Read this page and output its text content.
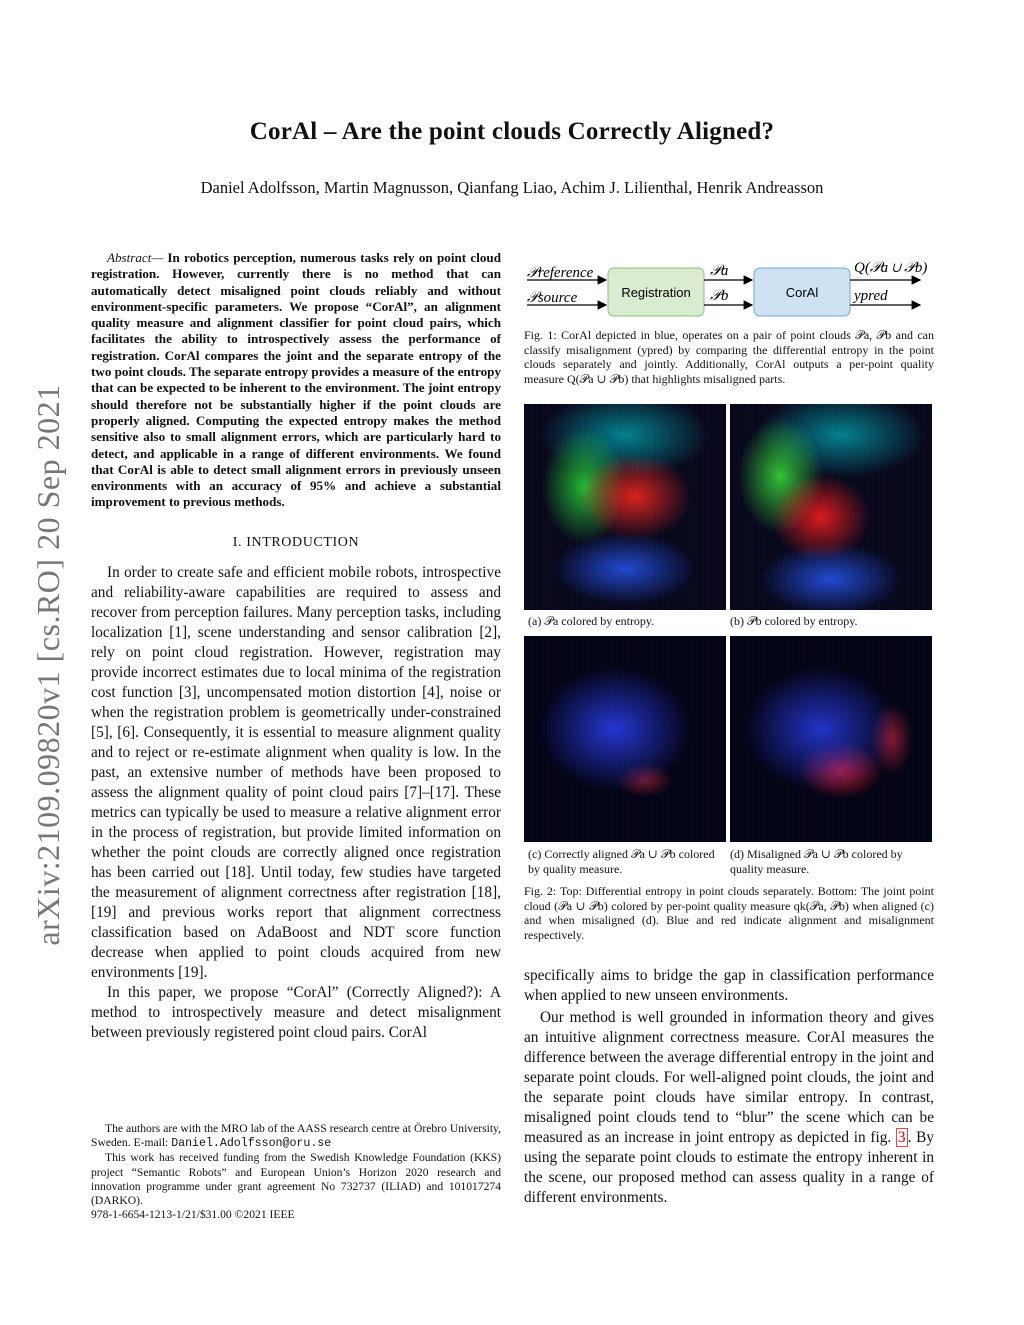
CorAl – Are the point clouds Correctly Aligned?
Daniel Adolfsson, Martin Magnusson, Qianfang Liao, Achim J. Lilienthal, Henrik Andreasson
arXiv:2109.09820v1 [cs.RO] 20 Sep 2021

Abstract— In robotics perception, numerous tasks rely on point cloud registration. However, currently there is no method that can automatically detect misaligned point clouds reliably and without environment-specific parameters. We propose “CorAl”, an alignment quality measure and alignment classifier for point cloud pairs, which facilitates the ability to introspectively assess the performance of registration. CorAl compares the joint and the separate entropy of the two point clouds. The separate entropy provides a measure of the entropy that can be expected to be inherent to the environment. The joint entropy should therefore not be substantially higher if the point clouds are properly aligned. Computing the expected entropy makes the method sensitive also to small alignment errors, which are particularly hard to detect, and applicable in a range of different environments. We found that CorAl is able to detect small alignment errors in previously unseen environments with an accuracy of 95% and achieve a substantial improvement to previous methods.

I. INTRODUCTION

In order to create safe and efficient mobile robots, introspective and reliability-aware capabilities are required to assess and recover from perception failures. Many perception tasks, including localization [1], scene understanding and sensor calibration [2], rely on point cloud registration. However, registration may provide incorrect estimates due to local minima of the registration cost function [3], uncompensated motion distortion [4], noise or when the registration problem is geometrically under-constrained [5], [6]. Consequently, it is essential to measure alignment quality and to reject or re-estimate alignment when quality is low. In the past, an extensive number of methods have been proposed to assess the alignment quality of point cloud pairs [7]–[17]. These metrics can typically be used to measure a relative alignment error in the process of registration, but provide limited information on whether the point clouds are correctly aligned once registration has been carried out [18]. Until today, few studies have targeted the measurement of alignment correctness after registration [18], [19] and previous works report that alignment correctness classification based on AdaBoost and NDT score function decrease when applied to point clouds acquired from new environments [19].

In this paper, we propose “CorAl” (Correctly Aligned?): A method to introspectively measure and detect misalignment between previously registered point cloud pairs. CorAl

The authors are with the MRO lab of the AASS research centre at Örebro University, Sweden. E-mail: Daniel.Adolfsson@oru.se

This work has received funding from the Swedish Knowledge Foundation (KKS) project “Semantic Robots” and European Union’s Horizon 2020 research and innovation programme under grant agreement No 732737 (ILIAD) and 101017274 (DARKO).

978-1-6654-1213-1/21/$31.00 ©2021 IEEE

𝒫reference
𝒫source	Registration
𝒫a
𝒫b	CorAl
Q(𝒫a ∪ 𝒫b)
ypred
Fig. 1: CorAl depicted in blue, operates on a pair of point clouds 𝒫a, 𝒫b and can classify misalignment (ypred) by comparing the differential entropy in the point clouds separately and jointly. Additionally, CorAl outputs a per-point quality measure Q(𝒫a ∪ 𝒫b) that highlights misaligned parts.
(a) 𝒫a colored by entropy.	(b) 𝒫b colored by entropy.
(c) Correctly aligned 𝒫a ∪ 𝒫b colored by quality measure.
(d) Misaligned 𝒫a ∪ 𝒫b colored by quality measure.
Fig. 2: Top: Differential entropy in point clouds separately. Bottom: The joint point cloud (𝒫a ∪ 𝒫b) colored by per-point quality measure qk(𝒫a, 𝒫b) when aligned (c) and when misaligned (d). Blue and red indicate alignment and misalignment respectively.

specifically aims to bridge the gap in classification performance when applied to new unseen environments.

Our method is well grounded in information theory and gives an intuitive alignment correctness measure. CorAl measures the difference between the average differential entropy in the joint and separate point clouds. For well-aligned point clouds, the joint and the separate point clouds have similar entropy. In contrast, misaligned point clouds tend to “blur” the scene which can be measured as an increase in joint entropy as depicted in fig. 3 . By using the separate point clouds to estimate the entropy inherent in the scene, our proposed method can assess quality in a range of different environments.
